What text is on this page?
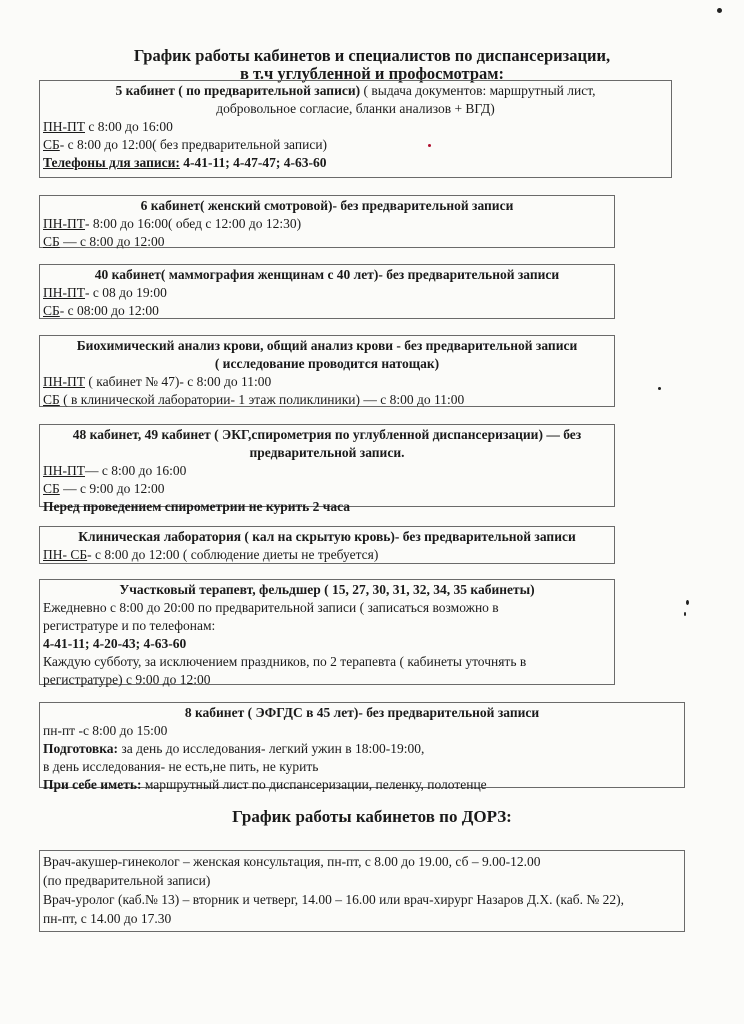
График работы кабинетов и специалистов по диспансеризации,
в т.ч углубленной и профосмотрам:
5 кабинет ( по предварительной записи) ( выдача документов: маршрутный лист,
добровольное согласие, бланки анализов + ВГД)
ПН-ПТ с 8:00 до 16:00
СБ- с 8:00 до 12:00( без предварительной записи)
Телефоны для записи: 4-41-11; 4-47-47; 4-63-60
6 кабинет( женский смотровой)- без предварительной записи
ПН-ПТ- 8:00 до 16:00( обед с 12:00 до 12:30)
СБ — с 8:00 до 12:00
40 кабинет( маммография женщинам с 40 лет)- без предварительной записи
ПН-ПТ- с 08 до 19:00
СБ- с 08:00 до 12:00
Биохимический анализ крови, общий анализ крови - без предварительной записи
( исследование проводится натощак)
ПН-ПТ ( кабинет № 47)- с 8:00 до 11:00
СБ ( в клинической лаборатории- 1 этаж поликлиники) — с 8:00 до 11:00
48 кабинет, 49 кабинет ( ЭКГ,спирометрия по углубленной диспансеризации) — без
предварительной записи.
ПН-ПТ— с 8:00 до 16:00
СБ — с 9:00 до 12:00
Перед проведением спирометрии не курить 2 часа
Клиническая лаборатория ( кал на скрытую кровь)- без предварительной записи
ПН- СБ- с 8:00 до 12:00 ( соблюдение диеты не требуется)
Участковый терапевт, фельдшер ( 15, 27, 30, 31, 32, 34, 35 кабинеты)
Ежедневно с 8:00 до 20:00 по предварительной записи ( записаться возможно в
регистратуре и по телефонам:
4-41-11; 4-20-43; 4-63-60
Каждую субботу, за исключением праздников, по 2 терапевта ( кабинеты уточнять в
регистратуре) с 9:00 до 12:00
8 кабинет ( ЭФГДС в 45 лет)- без предварительной записи
пн-пт -с 8:00 до 15:00
Подготовка: за день до исследования- легкий ужин в 18:00-19:00,
в день исследования- не есть,не пить, не курить
При себе иметь: маршрутный лист по диспансеризации, пеленку, полотенце
График работы кабинетов по ДОРЗ:
Врач-акушер-гинеколог – женская консультация, пн-пт, с 8.00 до 19.00, сб – 9.00-12.00
(по предварительной записи)
Врач-уролог (каб.№ 13) – вторник и четверг, 14.00 – 16.00 или врач-хирург Назаров Д.Х. (каб. № 22),
пн-пт, с 14.00 до 17.30
